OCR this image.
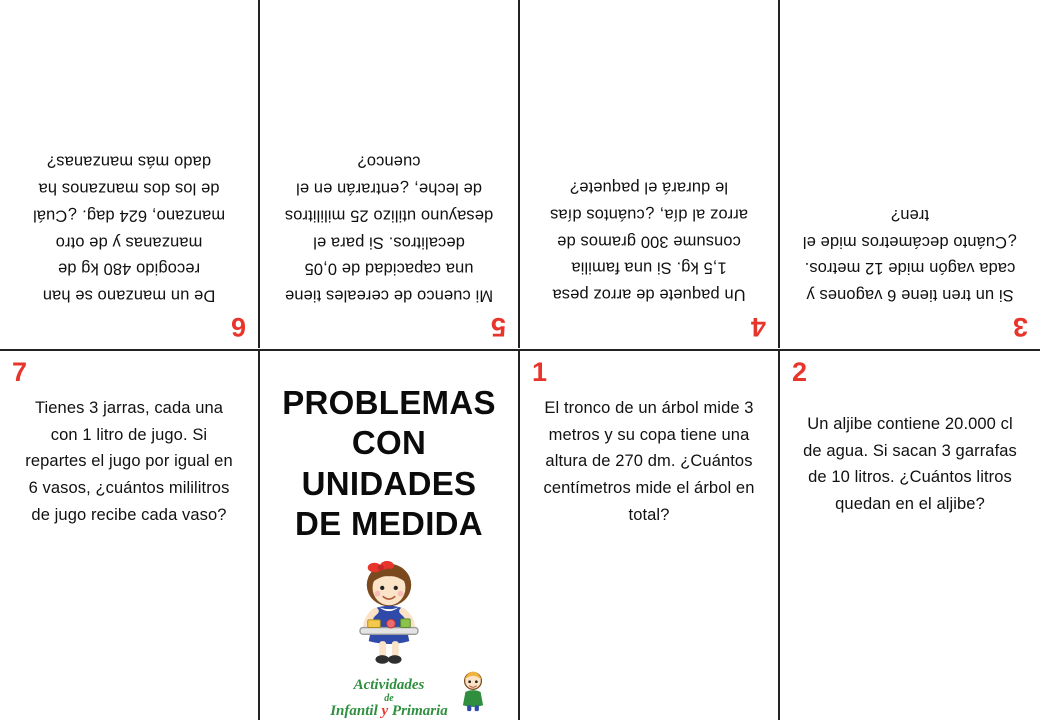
6
De un manzano se han recogido 480 kg de manzanas y de otro manzano, 624 dag. ¿Cuál de los dos manzanos ha dado más manzanas?
5
Mi cuenco de cereales tiene una capacidad de 0,05 decalitros. Si para el desayuno utilizo 25 mililitros de leche, ¿entrarán en el cuenco?
4
Un paquete de arroz pesa 1,5 kg. Si una familia consume 300 gramos de arroz al día, ¿cuántos días le durará el paquete?
3
Si un tren tiene 6 vagones y cada vagón mide 12 metros. ¿Cuánto decámetros mide el tren?
7
Tienes 3 jarras, cada una con 1 litro de jugo. Si repartes el jugo por igual en 6 vasos, ¿cuántos mililitros de jugo recibe cada vaso?
PROBLEMAS
CON
UNIDADES
DE MEDIDA
Actividades
de
Infantil y Primaria
1
El tronco de un árbol mide 3 metros y su copa tiene una altura de 270 dm. ¿Cuántos centímetros mide el árbol en total?
2
Un aljibe contiene 20.000 cl de agua. Si sacan 3 garrafas de 10 litros. ¿Cuántos litros quedan en el aljibe?
